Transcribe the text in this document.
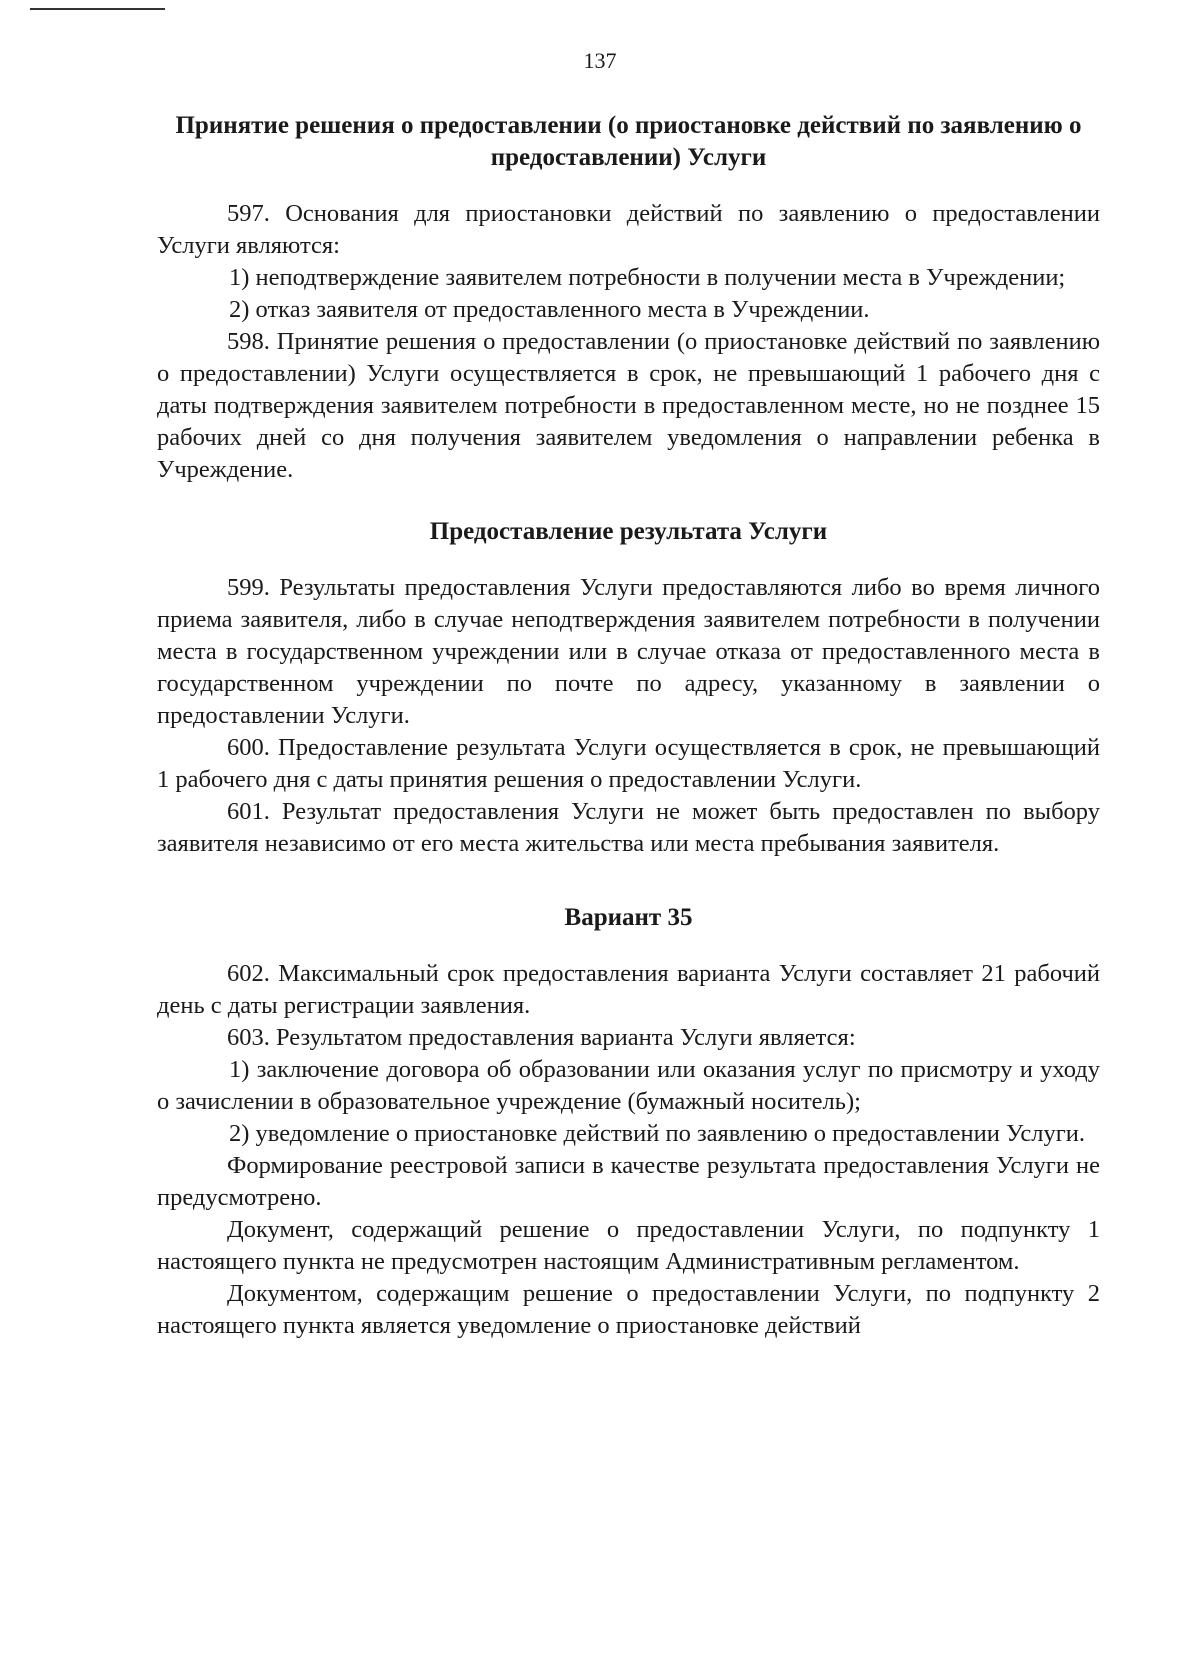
137
Принятие решения о предоставлении (о приостановке действий по заявлению о предоставлении) Услуги

597. Основания для приостановки действий по заявлению о предоставлении Услуги являются:

1) неподтверждение заявителем потребности в получении места в Учреждении;

2) отказ заявителя от предоставленного места в Учреждении.

598. Принятие решения о предоставлении (о приостановке действий по заявлению о предоставлении) Услуги осуществляется в срок, не превышающий 1 рабочего дня с даты подтверждения заявителем потребности в предоставленном месте, но не позднее 15 рабочих дней со дня получения заявителем уведомления о направлении ребенка в Учреждение.

Предоставление результата Услуги

599. Результаты предоставления Услуги предоставляются либо во время личного приема заявителя, либо в случае неподтверждения заявителем потребности в получении места в государственном учреждении или в случае отказа от предоставленного места в государственном учреждении по почте по адресу, указанному в заявлении о предоставлении Услуги.

600. Предоставление результата Услуги осуществляется в срок, не превышающий 1 рабочего дня с даты принятия решения о предоставлении Услуги.

601. Результат предоставления Услуги не может быть предоставлен по выбору заявителя независимо от его места жительства или места пребывания заявителя.

Вариант 35

602. Максимальный срок предоставления варианта Услуги составляет 21 рабочий день с даты регистрации заявления.

603. Результатом предоставления варианта Услуги является:

1) заключение договора об образовании или оказания услуг по присмотру и уходу о зачислении в образовательное учреждение (бумажный носитель);

2) уведомление о приостановке действий по заявлению о предоставлении Услуги.

Формирование реестровой записи в качестве результата предоставления Услуги не предусмотрено.

Документ, содержащий решение о предоставлении Услуги, по подпункту 1 настоящего пункта не предусмотрен настоящим Административным регламентом.

Документом, содержащим решение о предоставлении Услуги, по подпункту 2 настоящего пункта является уведомление о приостановке действий
